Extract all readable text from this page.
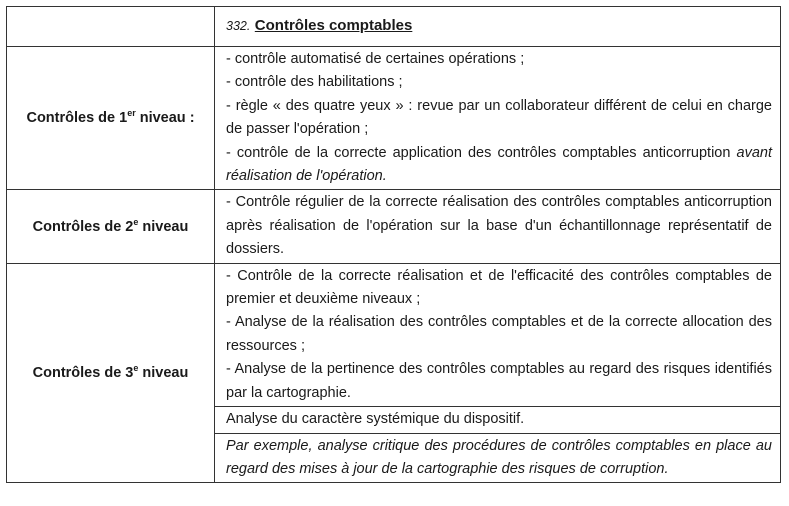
	332. Contrôles comptables
Contrôles de 1er niveau :	- contrôle automatisé de certaines opérations ;
- contrôle des habilitations ;
- règle « des quatre yeux » : revue par un collaborateur différent de celui en charge de passer l'opération ;
- contrôle de la correcte application des contrôles comptables anticorruption avant réalisation de l'opération.

Contrôles de 2e niveau	- Contrôle régulier de la correcte réalisation des contrôles comptables anticorruption après réalisation de l'opération sur la base d'un échantillonnage représentatif de dossiers.

Contrôles de 3e niveau	- Contrôle de la correcte réalisation et de l'efficacité des contrôles comptables de premier et deuxième niveaux ;
- Analyse de la réalisation des contrôles comptables et de la correcte allocation des ressources ;
- Analyse de la pertinence des contrôles comptables au regard des risques identifiés par la cartographie.

	Analyse du caractère systémique du dispositif.
	Par exemple, analyse critique des procédures de contrôles comptables en place au regard des mises à jour de la cartographie des risques de corruption.
